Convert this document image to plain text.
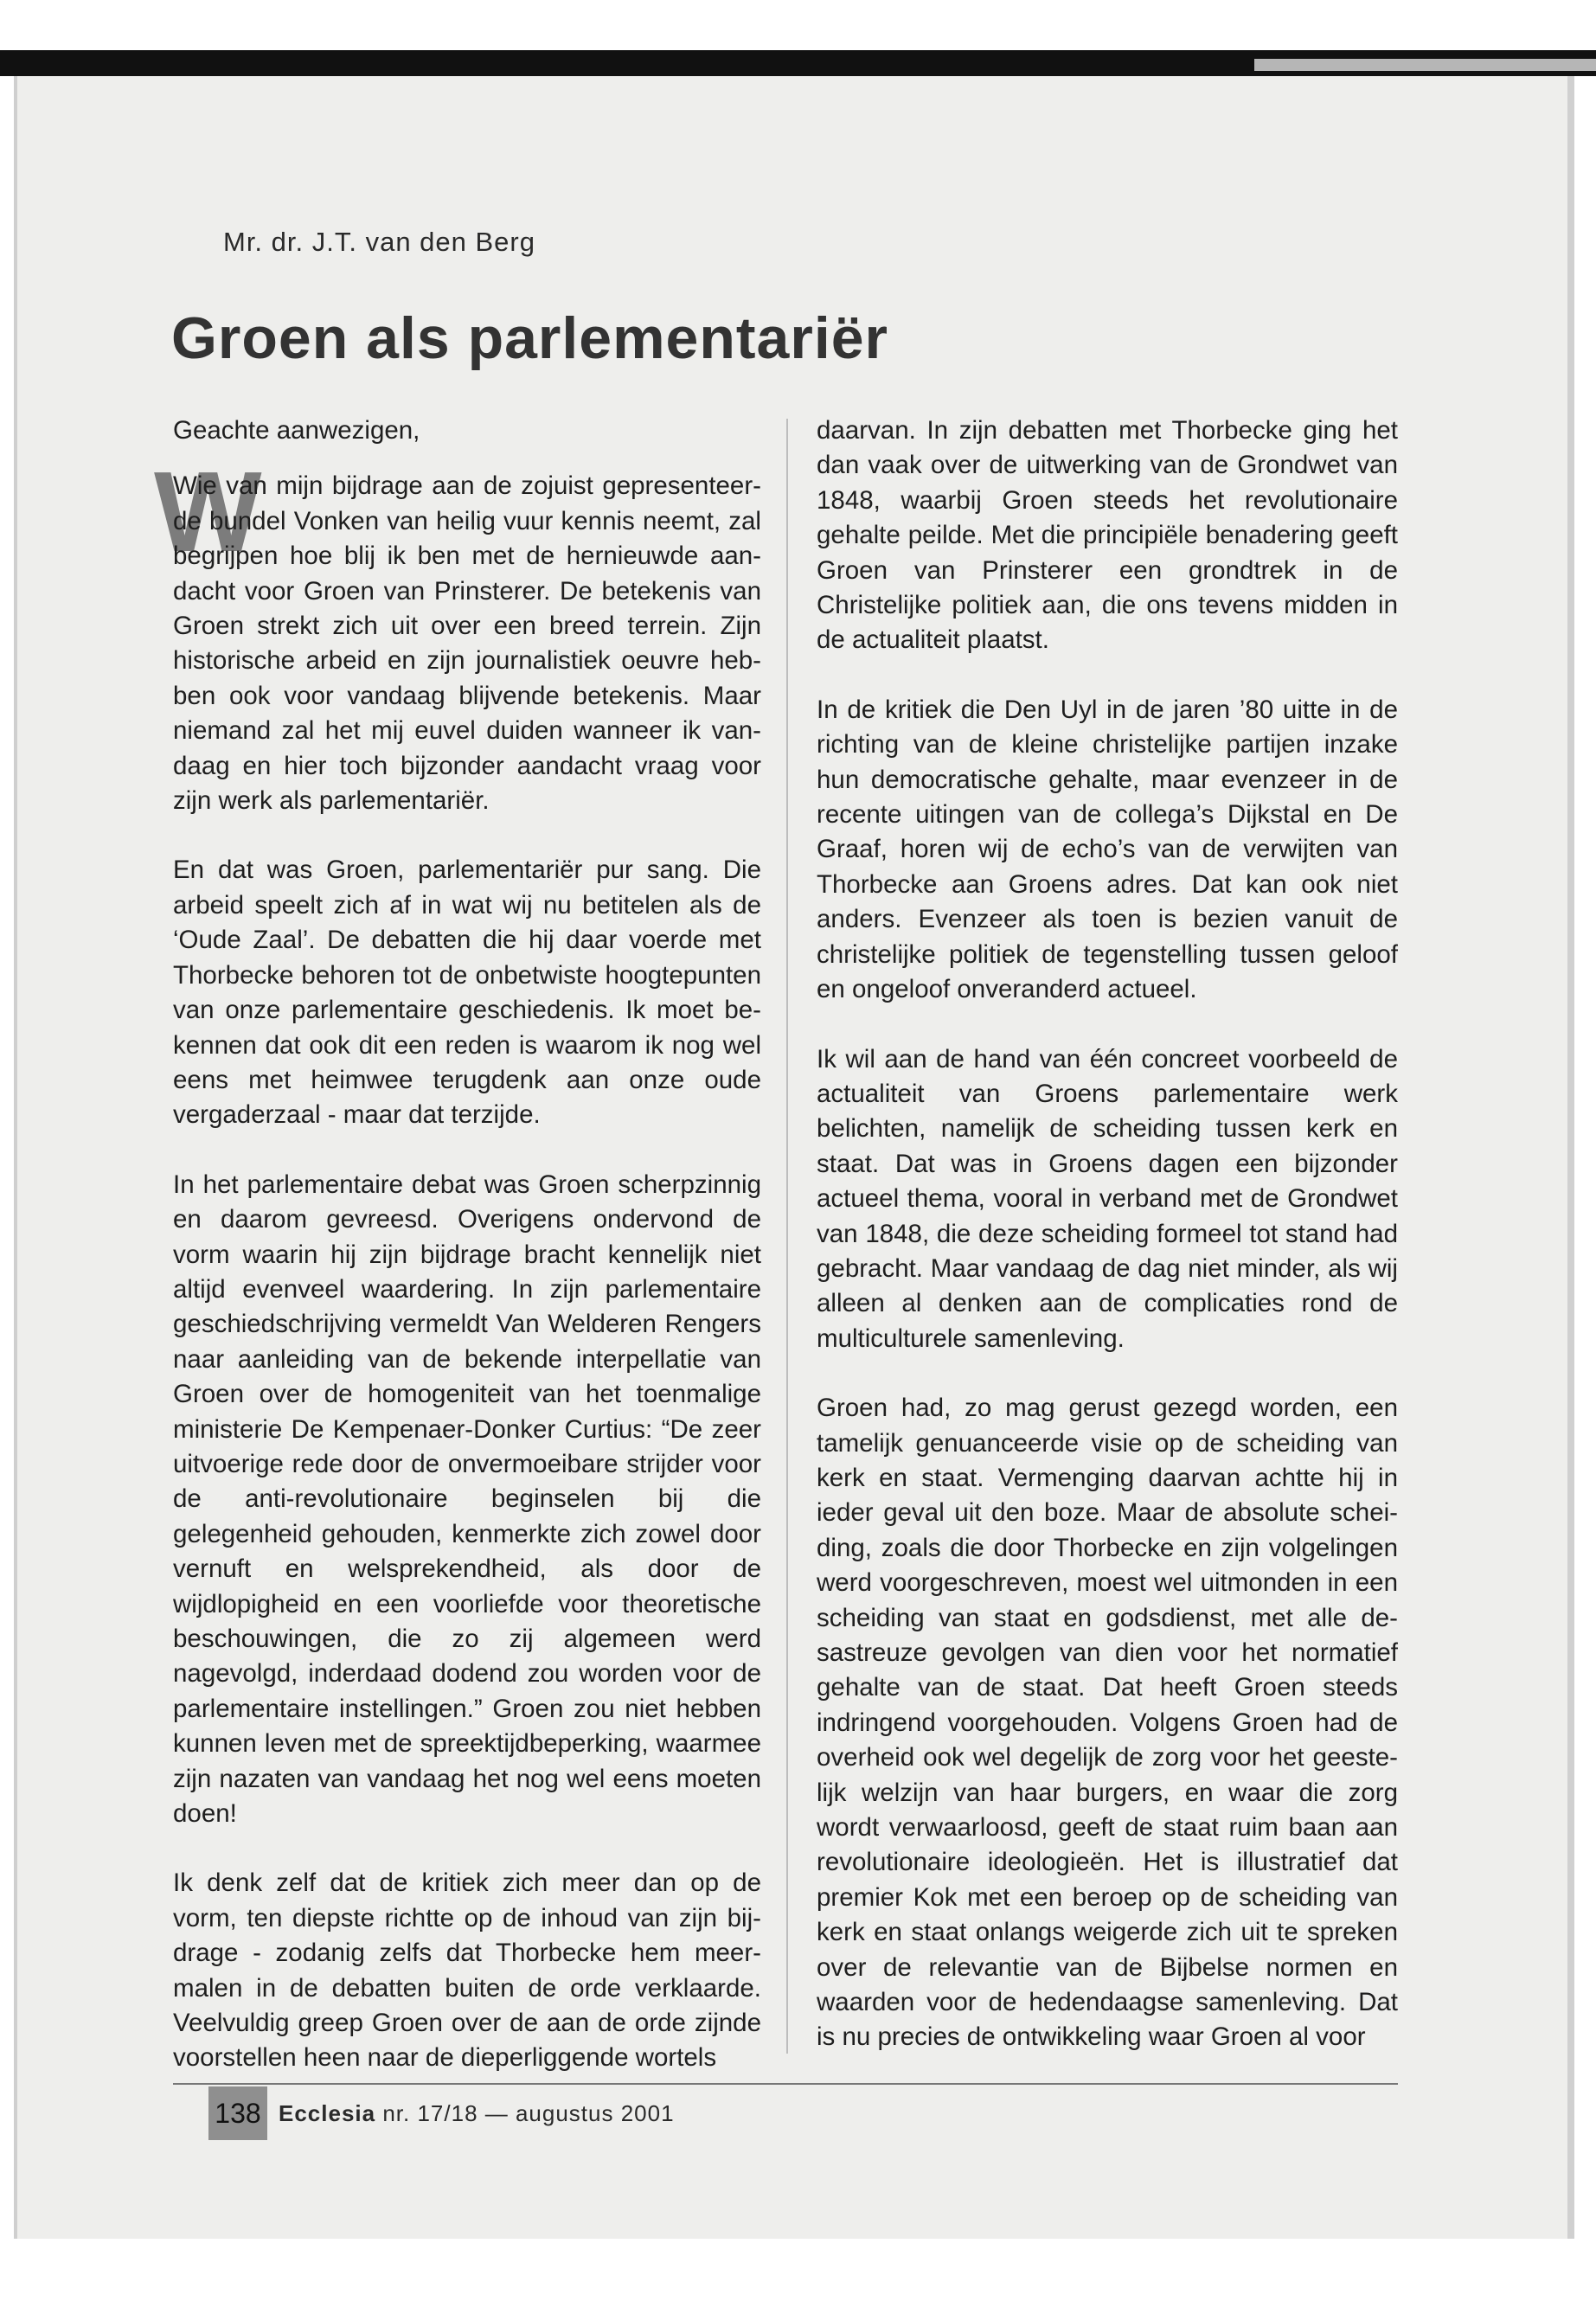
Mr. dr. J.T. van den Berg
Groen als parlementariër

Geachte aanwezigen,

W
Wie van mijn bijdrage aan de zojuist gepresenteerde bundel Vonken van heilig vuur kennis neemt, zal begrijpen hoe blij ik ben met de hernieuwde aandacht voor Groen van Prinsterer. De betekenis van Groen strekt zich uit over een breed terrein. Zijn historische arbeid en zijn journalistiek oeuvre hebben ook voor vandaag blijvende betekenis. Maar niemand zal het mij euvel duiden wanneer ik vandaag en hier toch bijzonder aandacht vraag voor zijn werk als parlementariër.

En dat was Groen, parlementariër pur sang. Die arbeid speelt zich af in wat wij nu betitelen als de ‘Oude Zaal’. De debatten die hij daar voerde met Thorbecke behoren tot de onbetwiste hoogtepunten van onze parlementaire geschiedenis. Ik moet bekennen dat ook dit een reden is waarom ik nog wel eens met heimwee terugdenk aan onze oude vergaderzaal - maar dat terzijde.

In het parlementaire debat was Groen scherpzinnig en daarom gevreesd. Overigens ondervond de vorm waarin hij zijn bijdrage bracht kennelijk niet altijd evenveel waardering. In zijn parlementaire geschiedschrijving vermeldt Van Welderen Rengers naar aanleiding van de bekende interpellatie van Groen over de homogeniteit van het toenmalige ministerie De Kempenaer-Donker Curtius: “De zeer uitvoerige rede door de onvermoeibare strijder voor de anti-revolutionaire beginselen bij die gelegenheid gehouden, kenmerkte zich zowel door vernuft en welsprekendheid, als door de wijdlopigheid en een voorliefde voor theoretische beschouwingen, die zo zij algemeen werd nagevolgd, inderdaad dodend zou worden voor de parlementaire instellingen.” Groen zou niet hebben kunnen leven met de spreektijdbeperking, waarmee zijn nazaten van vandaag het nog wel eens moeten doen!

Ik denk zelf dat de kritiek zich meer dan op de vorm, ten diepste richtte op de inhoud van zijn bijdrage - zodanig zelfs dat Thorbecke hem meermalen in de debatten buiten de orde verklaarde. Veelvuldig greep Groen over de aan de orde zijnde voorstellen heen naar de dieperliggende wortels

daarvan. In zijn debatten met Thorbecke ging het dan vaak over de uitwerking van de Grondwet van 1848, waarbij Groen steeds het revolutionaire gehalte peilde. Met die principiële benadering geeft Groen van Prinsterer een grondtrek in de Christelijke politiek aan, die ons tevens midden in de actualiteit plaatst.

In de kritiek die Den Uyl in de jaren ’80 uitte in de richting van de kleine christelijke partijen inzake hun democratische gehalte, maar evenzeer in de recente uitingen van de collega’s Dijkstal en De Graaf, horen wij de echo’s van de verwijten van Thorbecke aan Groens adres. Dat kan ook niet anders. Evenzeer als toen is bezien vanuit de christelijke politiek de tegenstelling tussen geloof en ongeloof onveranderd actueel.

Ik wil aan de hand van één concreet voorbeeld de actualiteit van Groens parlementaire werk belichten, namelijk de scheiding tussen kerk en staat. Dat was in Groens dagen een bijzonder actueel thema, vooral in verband met de Grondwet van 1848, die deze scheiding formeel tot stand had gebracht. Maar vandaag de dag niet minder, als wij alleen al denken aan de complicaties rond de multiculturele samenleving.

Groen had, zo mag gerust gezegd worden, een tamelijk genuanceerde visie op de scheiding van kerk en staat. Vermenging daarvan achtte hij in ieder geval uit den boze. Maar de absolute scheiding, zoals die door Thorbecke en zijn volgelingen werd voorgeschreven, moest wel uitmonden in een scheiding van staat en godsdienst, met alle desastreuze gevolgen van dien voor het normatief gehalte van de staat. Dat heeft Groen steeds indringend voorgehouden. Volgens Groen had de overheid ook wel degelijk de zorg voor het geestelijk welzijn van haar burgers, en waar die zorg wordt verwaarloosd, geeft de staat ruim baan aan revolutionaire ideologieën. Het is illustratief dat premier Kok met een beroep op de scheiding van kerk en staat onlangs weigerde zich uit te spreken over de relevantie van de Bijbelse normen en waarden voor de hedendaagse samenleving. Dat is nu precies de ontwikkeling waar Groen al voor

138 Ecclesia nr. 17/18 — augustus 2001
